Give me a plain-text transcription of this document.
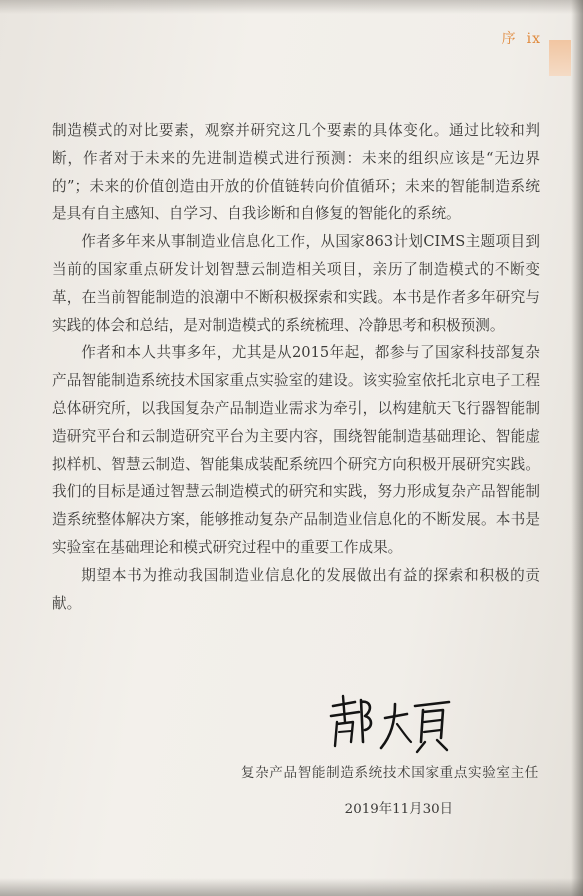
序 ix

制造模式的对比要素，观察并研究这几个要素的具体变化。通过比较和判断，作者对于未来的先进制造模式进行预测：未来的组织应该是“无边界的”；未来的价值创造由开放的价值链转向价值循环；未来的智能制造系统是具有自主感知、自学习、自我诊断和自修复的智能化的系统。

作者多年来从事制造业信息化工作，从国家863计划CIMS主题项目到当前的国家重点研发计划智慧云制造相关项目，亲历了制造模式的不断变革，在当前智能制造的浪潮中不断积极探索和实践。本书是作者多年研究与实践的体会和总结，是对制造模式的系统梳理、冷静思考和积极预测。

作者和本人共事多年，尤其是从2015年起，都参与了国家科技部复杂产品智能制造系统技术国家重点实验室的建设。该实验室依托北京电子工程总体研究所，以我国复杂产品制造业需求为牵引，以构建航天飞行器智能制造研究平台和云制造研究平台为主要内容，围绕智能制造基础理论、智能虚拟样机、智慧云制造、智能集成装配系统四个研究方向积极开展研究实践。我们的目标是通过智慧云制造模式的研究和实践，努力形成复杂产品智能制造系统整体解决方案，能够推动复杂产品制造业信息化的不断发展。本书是实验室在基础理论和模式研究过程中的重要工作成果。

期望本书为推动我国制造业信息化的发展做出有益的探索和积极的贡献。

复杂产品智能制造系统技术国家重点实验室主任
2019年11月30日
